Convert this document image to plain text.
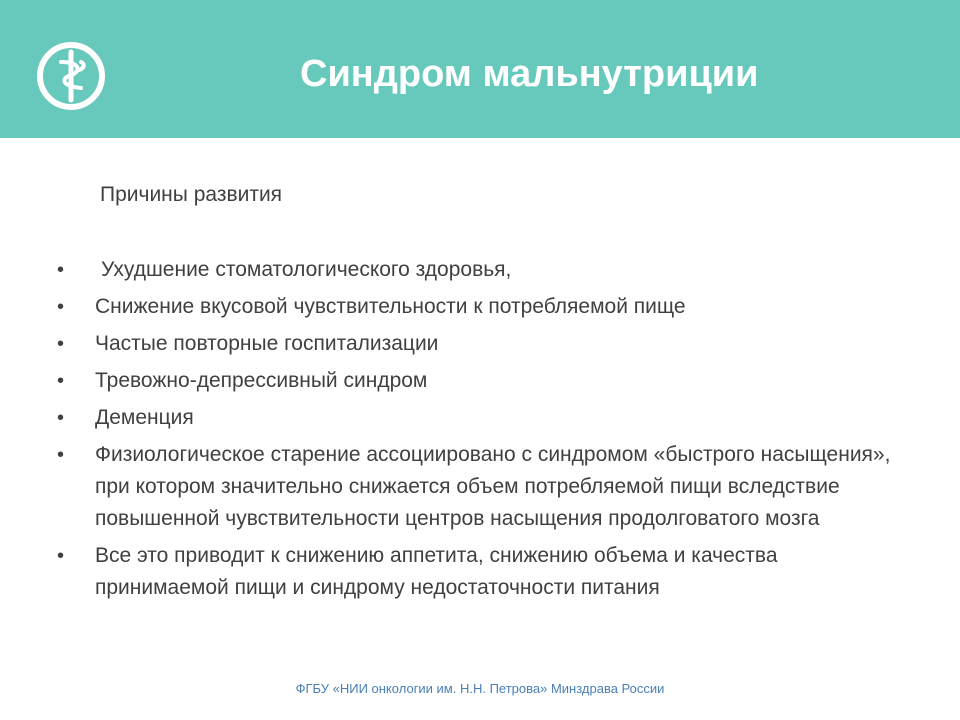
Синдром мальнутриции
Причины развития
• Ухудшение стоматологического здоровья,
• Снижение вкусовой чувствительности к потребляемой пище
• Частые повторные госпитализации
• Тревожно-депрессивный синдром
• Деменция
• Физиологическое старение ассоциировано с синдромом «быстрого насыщения», при котором значительно снижается объем потребляемой пищи вследствие повышенной чувствительности центров насыщения продолговатого мозга
• Все это приводит к снижению аппетита, снижению объема и качества принимаемой пищи и синдрому недостаточности питания
ФГБУ «НИИ онкологии им. Н.Н. Петрова» Минздрава России
